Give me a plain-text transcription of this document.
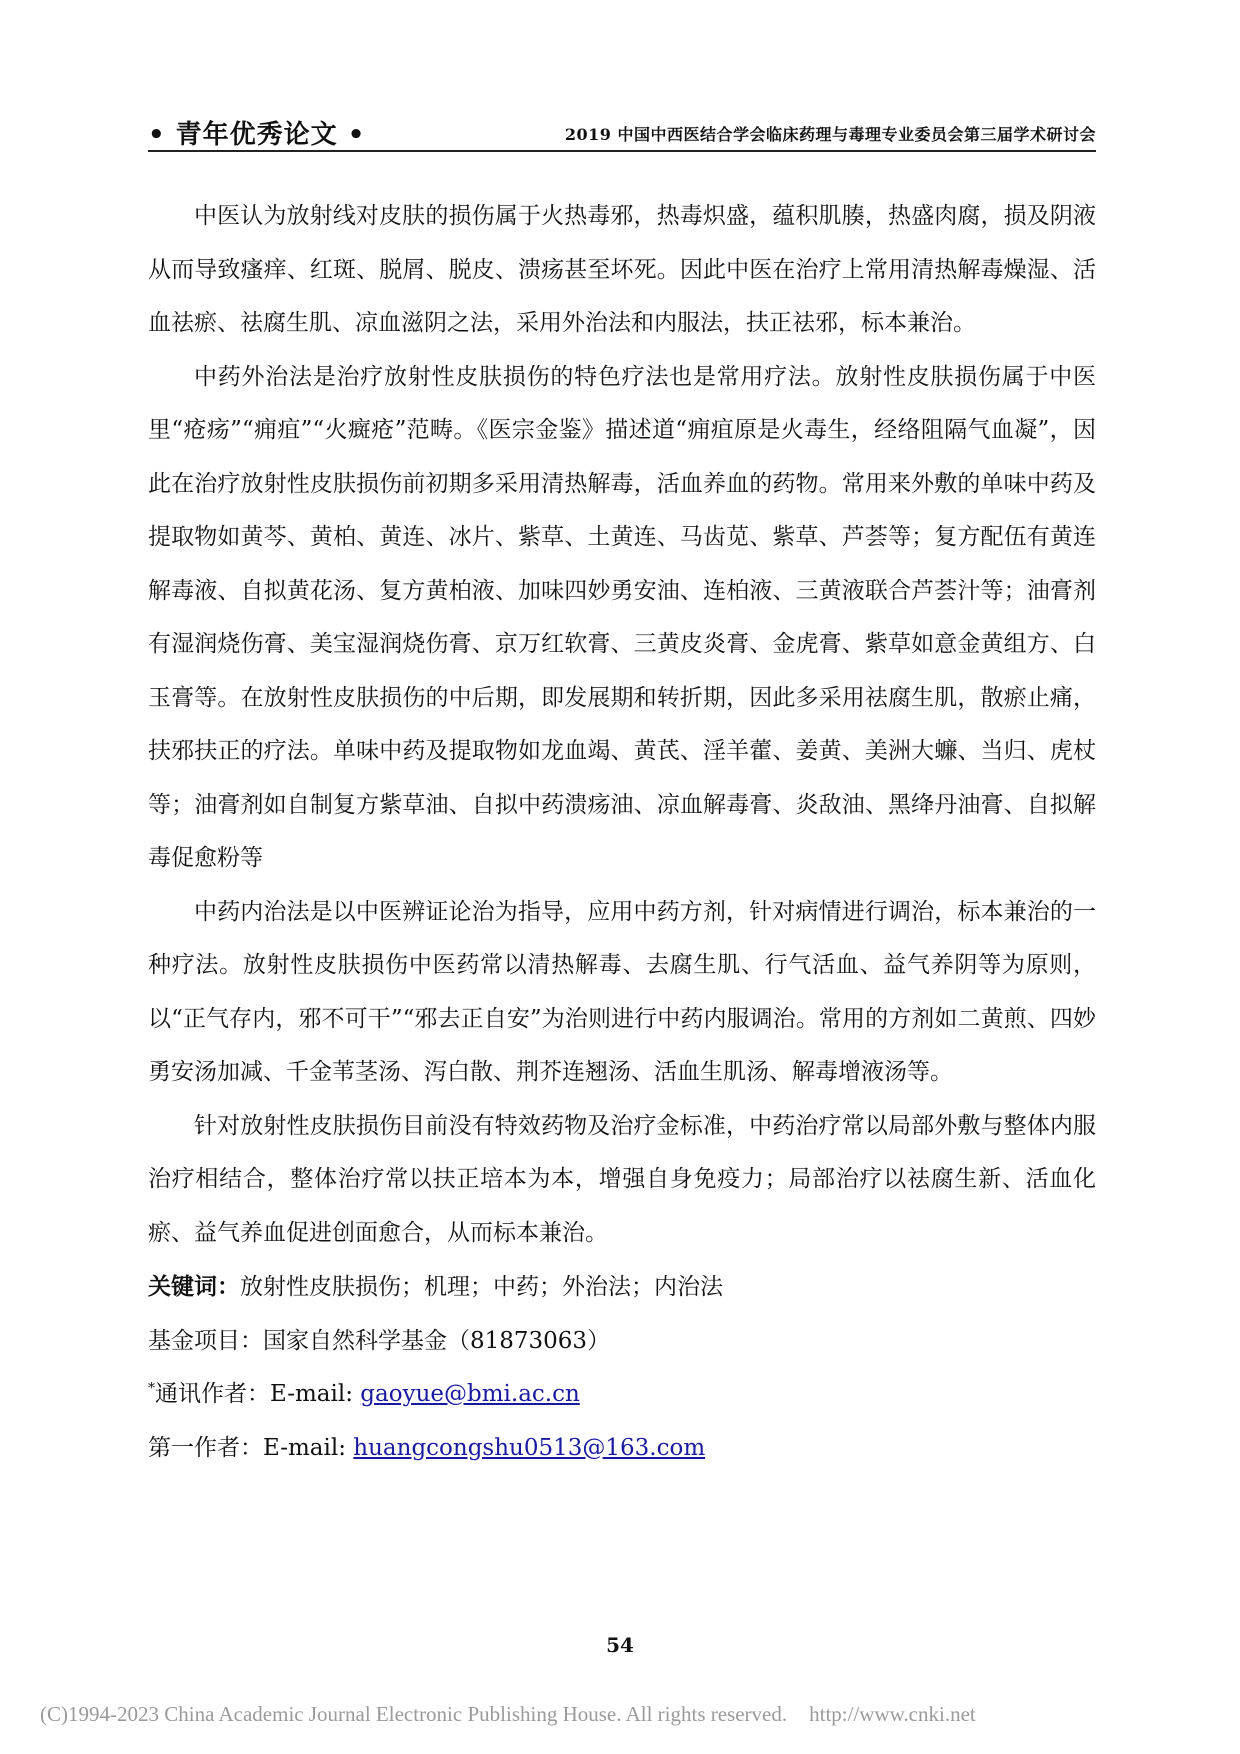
• 青年优秀论文 •	2019 中国中西医结合学会临床药理与毒理专业委员会第三届学术研讨会

中医认为放射线对皮肤的损伤属于火热毒邪，热毒炽盛，蕴积肌腠，热盛肉腐，损及阴液从而导致瘙痒、红斑、脱屑、脱皮、溃疡甚至坏死。因此中医在治疗上常用清热解毒燥湿、活血祛瘀、祛腐生肌、凉血滋阴之法，采用外治法和内服法，扶正祛邪，标本兼治。

中药外治法是治疗放射性皮肤损伤的特色疗法也是常用疗法。放射性皮肤损伤属于中医里“疮疡”“痈疽”“火癍疮”范畴。《医宗金鉴》描述道“痈疽原是火毒生，经络阻隔气血凝”，因此在治疗放射性皮肤损伤前初期多采用清热解毒，活血养血的药物。常用来外敷的单味中药及提取物如黄芩、黄柏、黄连、冰片、紫草、土黄连、马齿苋、紫草、芦荟等；复方配伍有黄连解毒液、自拟黄花汤、复方黄柏液、加味四妙勇安油、连柏液、三黄液联合芦荟汁等；油膏剂有湿润烧伤膏、美宝湿润烧伤膏、京万红软膏、三黄皮炎膏、金虎膏、紫草如意金黄组方、白玉膏等。在放射性皮肤损伤的中后期，即发展期和转折期，因此多采用祛腐生肌，散瘀止痛，扶邪扶正的疗法。单味中药及提取物如龙血竭、黄芪、淫羊藿、姜黄、美洲大蠊、当归、虎杖等；油膏剂如自制复方紫草油、自拟中药溃疡油、凉血解毒膏、炎敌油、黑绛丹油膏、自拟解毒促愈粉等

中药内治法是以中医辨证论治为指导，应用中药方剂，针对病情进行调治，标本兼治的一种疗法。放射性皮肤损伤中医药常以清热解毒、去腐生肌、行气活血、益气养阴等为原则，以“正气存内，邪不可干”“邪去正自安”为治则进行中药内服调治。常用的方剂如二黄煎、四妙勇安汤加减、千金苇茎汤、泻白散、荆芥连翘汤、活血生肌汤、解毒增液汤等。

针对放射性皮肤损伤目前没有特效药物及治疗金标准，中药治疗常以局部外敷与整体内服治疗相结合，整体治疗常以扶正培本为本，增强自身免疫力；局部治疗以祛腐生新、活血化瘀、益气养血促进创面愈合，从而标本兼治。

关键词：放射性皮肤损伤；机理；中药；外治法；内治法

基金项目：国家自然科学基金（81873063）

*通讯作者：E-mail: gaoyue@bmi.ac.cn

第一作者：E-mail: huangcongshu0513@163.com

54
(C)1994-2023 China Academic Journal Electronic Publishing House. All rights reserved. http://www.cnki.net
